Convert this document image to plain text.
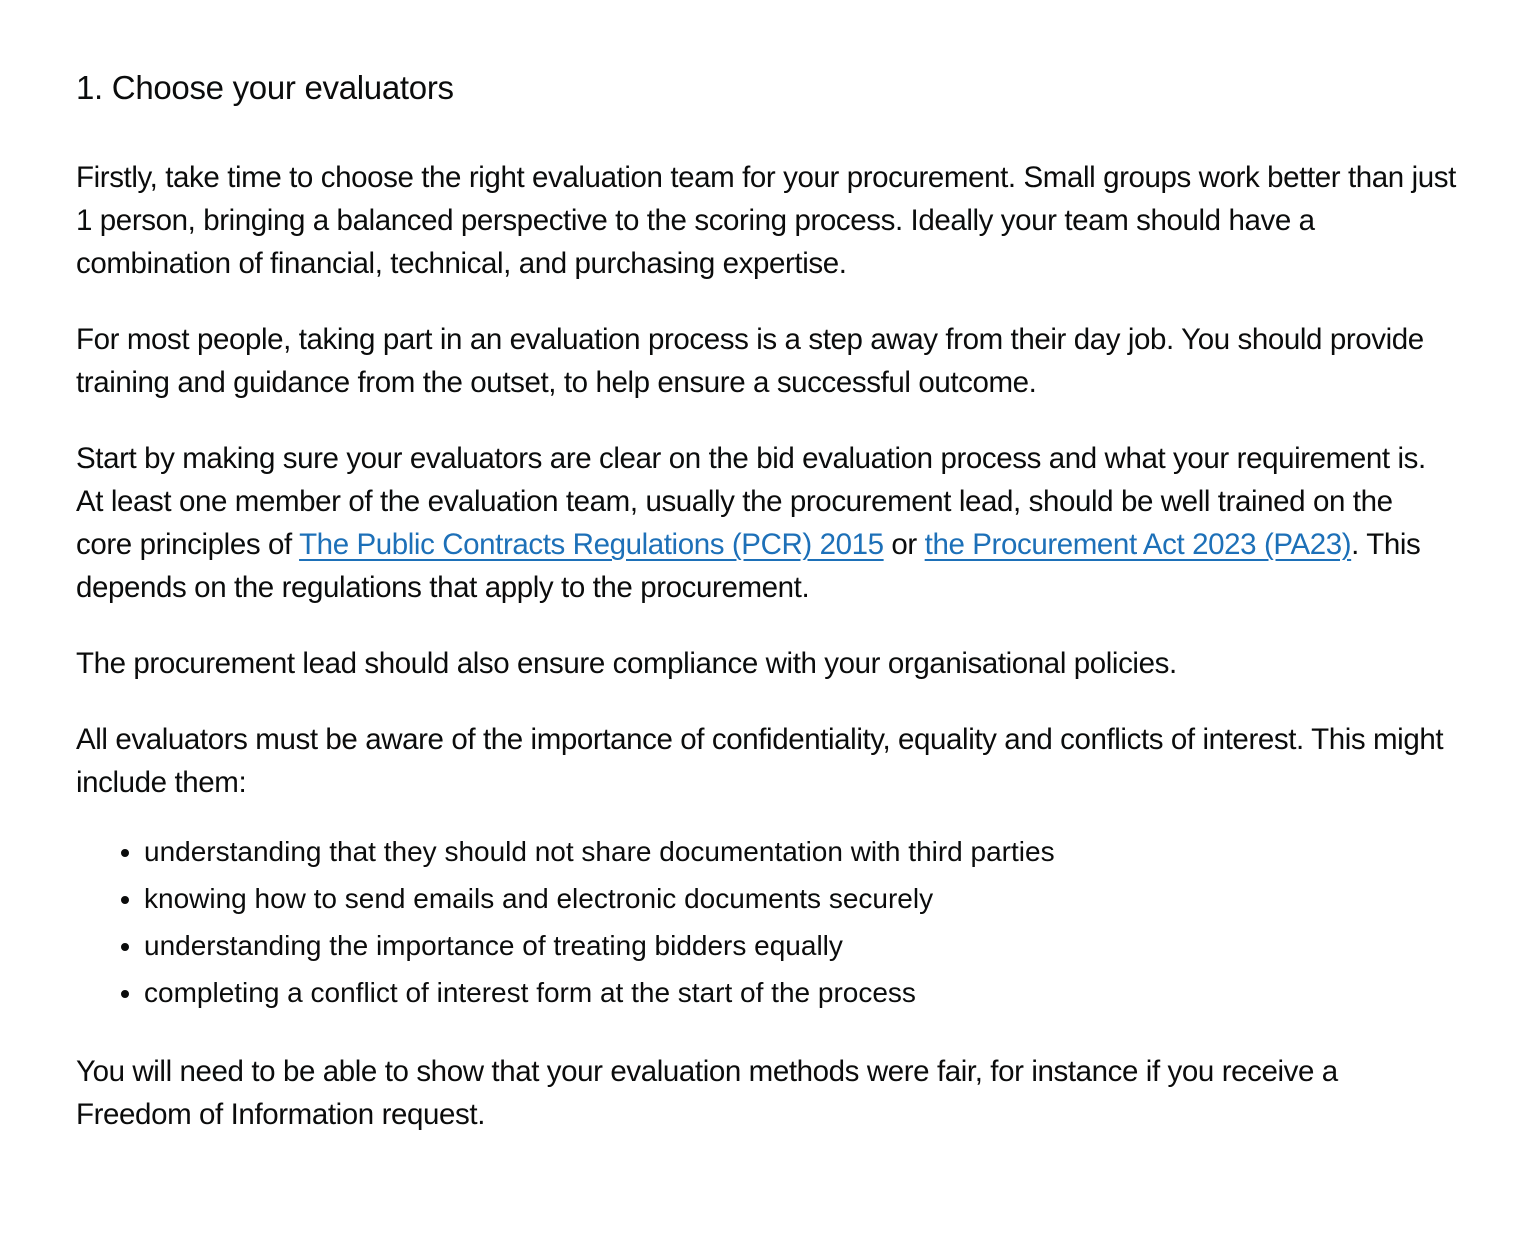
1. Choose your evaluators

Firstly, take time to choose the right evaluation team for your procurement. Small groups work better than just 1 person, bringing a balanced perspective to the scoring process. Ideally your team should have a combination of financial, technical, and purchasing expertise.

For most people, taking part in an evaluation process is a step away from their day job. You should provide training and guidance from the outset, to help ensure a successful outcome.

Start by making sure your evaluators are clear on the bid evaluation process and what your requirement is. At least one member of the evaluation team, usually the procurement lead, should be well trained on the core principles of The Public Contracts Regulations (PCR) 2015 or the Procurement Act 2023 (PA23). This depends on the regulations that apply to the procurement.

The procurement lead should also ensure compliance with your organisational policies.

All evaluators must be aware of the importance of confidentiality, equality and conflicts of interest. This might include them:

• understanding that they should not share documentation with third parties
• knowing how to send emails and electronic documents securely
• understanding the importance of treating bidders equally
• completing a conflict of interest form at the start of the process

You will need to be able to show that your evaluation methods were fair, for instance if you receive a Freedom of Information request.
